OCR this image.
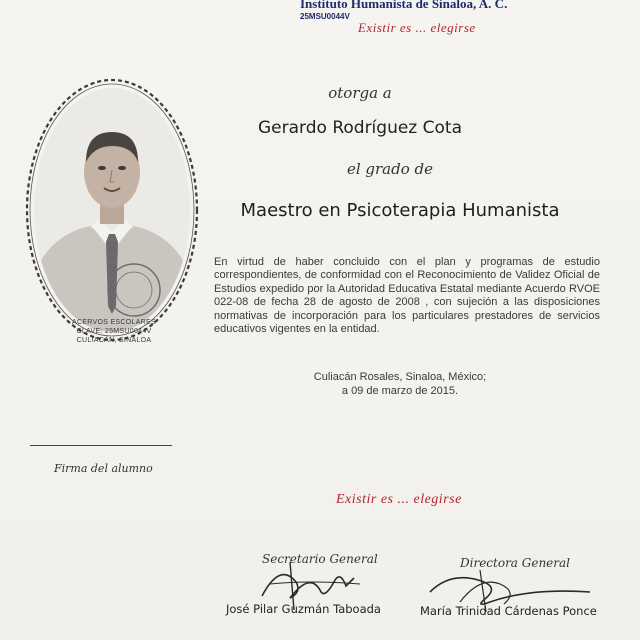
Instituto Humanista de Sinaloa, A. C.
25MSU0044V
Existir es ... elegirse
ACERVOS ESCOLARES
CLAVE: 25MSU0044V
CULIACÁN, SINALOA
otorga a
Gerardo Rodríguez Cota
el grado de
Maestro en Psicoterapia Humanista
En virtud de haber concluido con el plan y programas de estudio correspondientes, de conformidad con el Reconocimiento de Validez Oficial de Estudios expedido por la Autoridad Educativa Estatal mediante Acuerdo RVOE 022-08 de fecha 28 de agosto de 2008 , con sujeción a las disposiciones normativas de incorporación para los particulares prestadores de servicios educativos vigentes en la entidad.
Culiacán Rosales, Sinaloa, México;
a 09 de marzo de 2015.
Firma del alumno
Existir es ... elegirse
Secretario General	Directora General
José Pilar Guzmán Taboada	María Trinidad Cárdenas Ponce
